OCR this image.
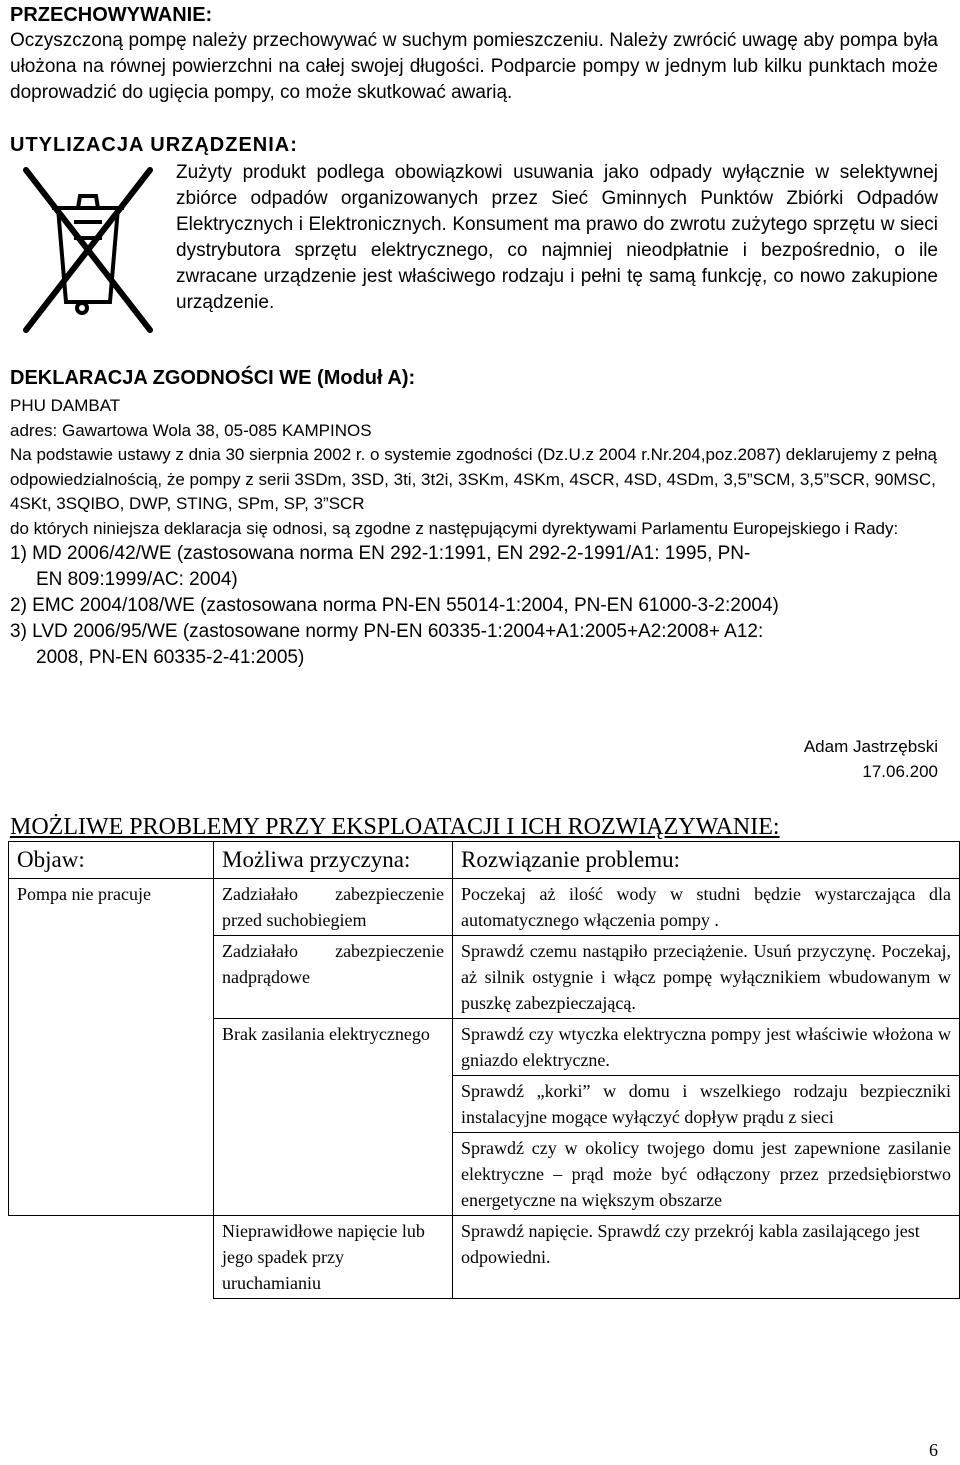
PRZECHOWYWANIE:
Oczyszczoną pompę należy przechowywać w suchym pomieszczeniu. Należy zwrócić uwagę aby pompa była ułożona na równej powierzchni na całej swojej długości. Podparcie pompy w jednym lub kilku punktach może doprowadzić do ugięcia pompy, co może skutkować awarią.
UTYLIZACJA URZĄDZENIA:
Zużyty produkt podlega obowiązkowi usuwania jako odpady wyłącznie w selektywnej zbiórce odpadów organizowanych przez Sieć Gminnych Punktów Zbiórki Odpadów Elektrycznych i Elektronicznych. Konsument ma prawo do zwrotu zużytego sprzętu w sieci dystrybutora sprzętu elektrycznego, co najmniej nieodpłatnie i bezpośrednio, o ile zwracane urządzenie jest właściwego rodzaju i pełni tę samą funkcję, co nowo zakupione urządzenie.
DEKLARACJA ZGODNOŚCI WE (Moduł A):
PHU DAMBAT
adres: Gawartowa Wola 38, 05-085 KAMPINOS
Na podstawie ustawy z dnia 30 sierpnia 2002 r. o systemie zgodności (Dz.U.z 2004 r.Nr.204,poz.2087) deklarujemy z pełną odpowiedzialnością, że pompy z serii 3SDm, 3SD, 3ti, 3t2i, 3SKm, 4SKm, 4SCR, 4SD, 4SDm, 3,5”SCM, 3,5”SCR, 90MSC, 4SKt, 3SQIBO, DWP, STING, SPm, SP, 3”SCR
do których niniejsza deklaracja się odnosi, są zgodne z następującymi dyrektywami Parlamentu Europejskiego i Rady:
1) MD 2006/42/WE (zastosowana norma EN 292-1:1991, EN 292-2-1991/A1: 1995, PN-
EN 809:1999/AC: 2004)
2) EMC 2004/108/WE (zastosowana norma PN-EN 55014-1:2004, PN-EN 61000-3-2:2004)
3) LVD 2006/95/WE (zastosowane normy PN-EN 60335-1:2004+A1:2005+A2:2008+ A12:
2008, PN-EN 60335-2-41:2005)
Adam Jastrzębski
17.06.200
MOŻLIWE PROBLEMY PRZY EKSPLOATACJI I ICH ROZWIĄZYWANIE:
Objaw:	Możliwa przyczyna:	Rozwiązanie problemu:
Pompa nie pracuje	Zadziałało zabezpieczenie przed suchobiegiem	Poczekaj aż ilość wody w studni będzie wystarczająca dla automatycznego włączenia pompy .
	Zadziałało zabezpieczenie nadprądowe	Sprawdź czemu nastąpiło przeciążenie. Usuń przyczynę. Poczekaj, aż silnik ostygnie i włącz pompę wyłącznikiem wbudowanym w puszkę zabezpieczającą.
	Brak zasilania elektrycznego	Sprawdź czy wtyczka elektryczna pompy jest właściwie włożona w gniazdo elektryczne.
		Sprawdź „korki” w domu i wszelkiego rodzaju bezpieczniki instalacyjne mogące wyłączyć dopływ prądu z sieci
		Sprawdź czy w okolicy twojego domu jest zapewnione zasilanie elektryczne – prąd może być odłączony przez przedsiębiorstwo energetyczne na większym obszarze
	Nieprawidłowe napięcie lub jego spadek przy uruchamianiu	Sprawdź napięcie. Sprawdź czy przekrój kabla zasilającego jest odpowiedni.
6
